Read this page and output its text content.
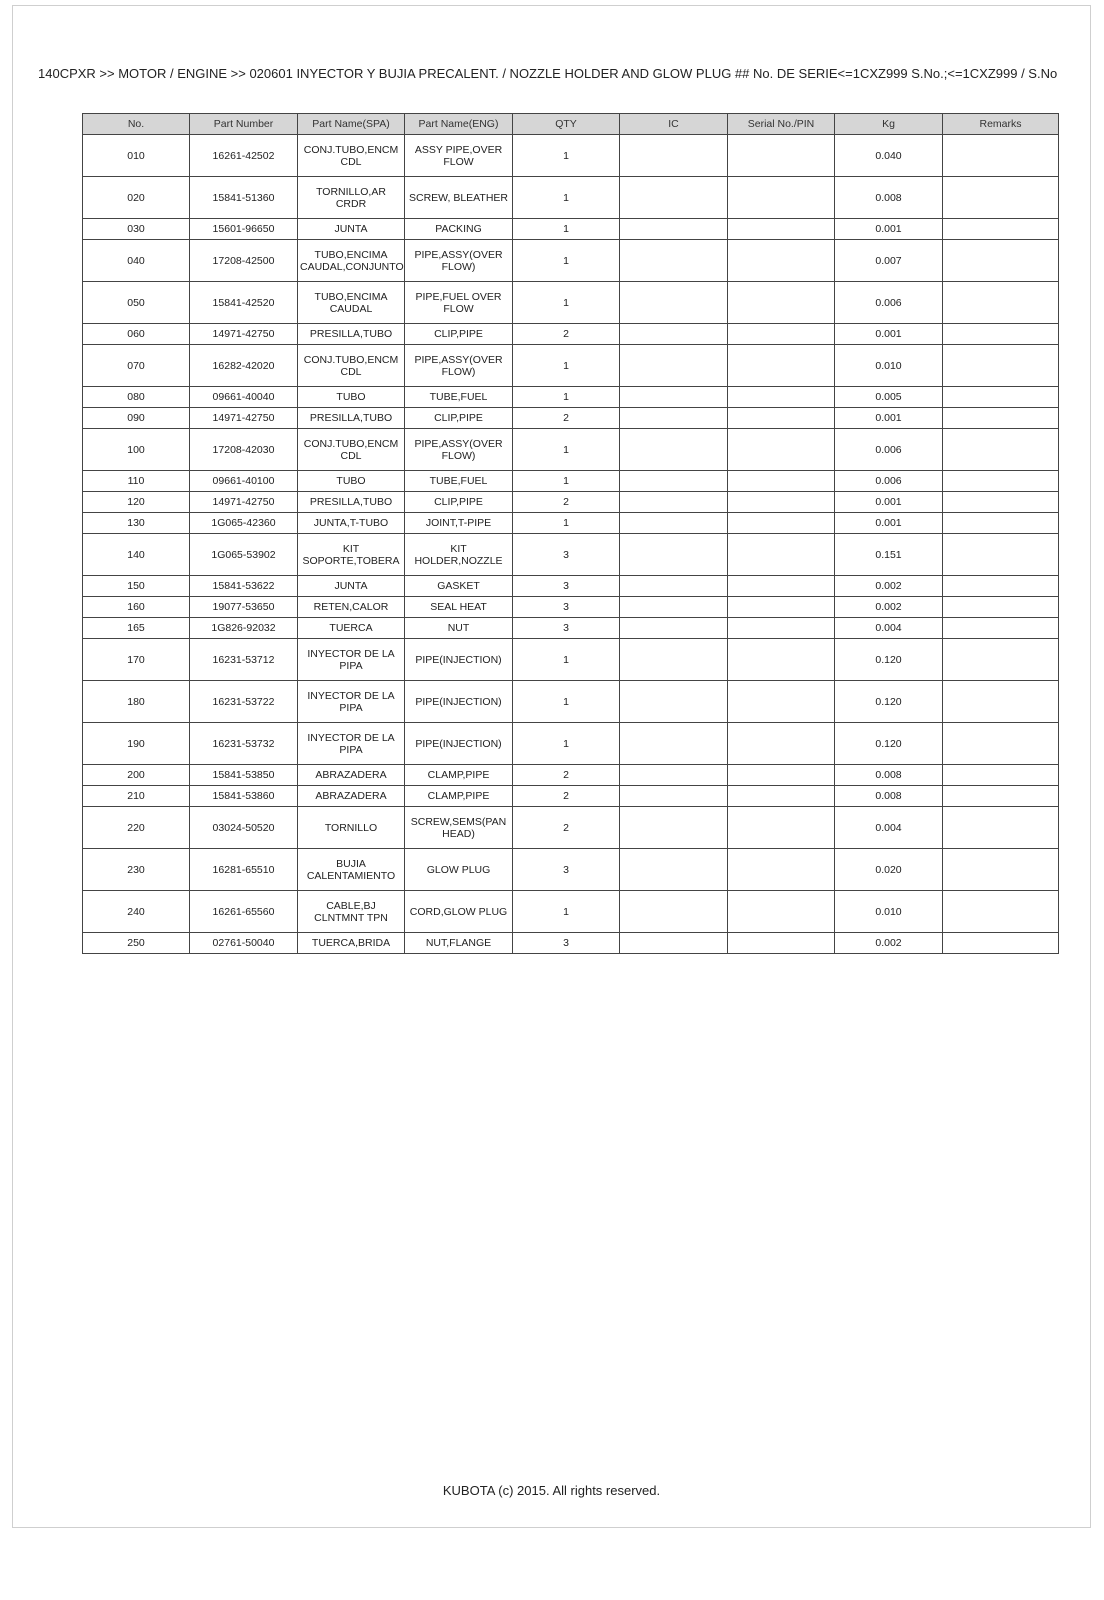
140CPXR >> MOTOR / ENGINE >> 020601 INYECTOR Y BUJIA PRECALENT. / NOZZLE HOLDER AND GLOW PLUG ## No. DE SERIE<=1CXZ999 S.No.;<=1CXZ999 / S.No
No.	Part Number	Part Name(SPA)	Part Name(ENG)	QTY	IC	Serial No./PIN	Kg	Remarks
010	16261-42502	CONJ.TUBO,ENCM CDL	ASSY PIPE,OVER FLOW	1			0.040	
020	15841-51360	TORNILLO,AR CRDR	SCREW, BLEATHER	1			0.008	
030	15601-96650	JUNTA	PACKING	1			0.001	
040	17208-42500	TUBO,ENCIMA CAUDAL,CONJUNTO	PIPE,ASSY(OVER FLOW)	1			0.007	
050	15841-42520	TUBO,ENCIMA CAUDAL	PIPE,FUEL OVER FLOW	1			0.006	
060	14971-42750	PRESILLA,TUBO	CLIP,PIPE	2			0.001	
070	16282-42020	CONJ.TUBO,ENCM CDL	PIPE,ASSY(OVER FLOW)	1			0.010	
080	09661-40040	TUBO	TUBE,FUEL	1			0.005	
090	14971-42750	PRESILLA,TUBO	CLIP,PIPE	2			0.001	
100	17208-42030	CONJ.TUBO,ENCM CDL	PIPE,ASSY(OVER FLOW)	1			0.006	
110	09661-40100	TUBO	TUBE,FUEL	1			0.006	
120	14971-42750	PRESILLA,TUBO	CLIP,PIPE	2			0.001	
130	1G065-42360	JUNTA,T-TUBO	JOINT,T-PIPE	1			0.001	
140	1G065-53902	KIT SOPORTE,TOBERA	KIT HOLDER,NOZZLE	3			0.151	
150	15841-53622	JUNTA	GASKET	3			0.002	
160	19077-53650	RETEN,CALOR	SEAL HEAT	3			0.002	
165	1G826-92032	TUERCA	NUT	3			0.004	
170	16231-53712	INYECTOR DE LA PIPA	PIPE(INJECTION)	1			0.120	
180	16231-53722	INYECTOR DE LA PIPA	PIPE(INJECTION)	1			0.120	
190	16231-53732	INYECTOR DE LA PIPA	PIPE(INJECTION)	1			0.120	
200	15841-53850	ABRAZADERA	CLAMP,PIPE	2			0.008	
210	15841-53860	ABRAZADERA	CLAMP,PIPE	2			0.008	
220	03024-50520	TORNILLO	SCREW,SEMS(PAN HEAD)	2			0.004	
230	16281-65510	BUJIA CALENTAMIENTO	GLOW PLUG	3			0.020	
240	16261-65560	CABLE,BJ CLNTMNT TPN	CORD,GLOW PLUG	1			0.010	
250	02761-50040	TUERCA,BRIDA	NUT,FLANGE	3			0.002	
KUBOTA (c) 2015. All rights reserved.
